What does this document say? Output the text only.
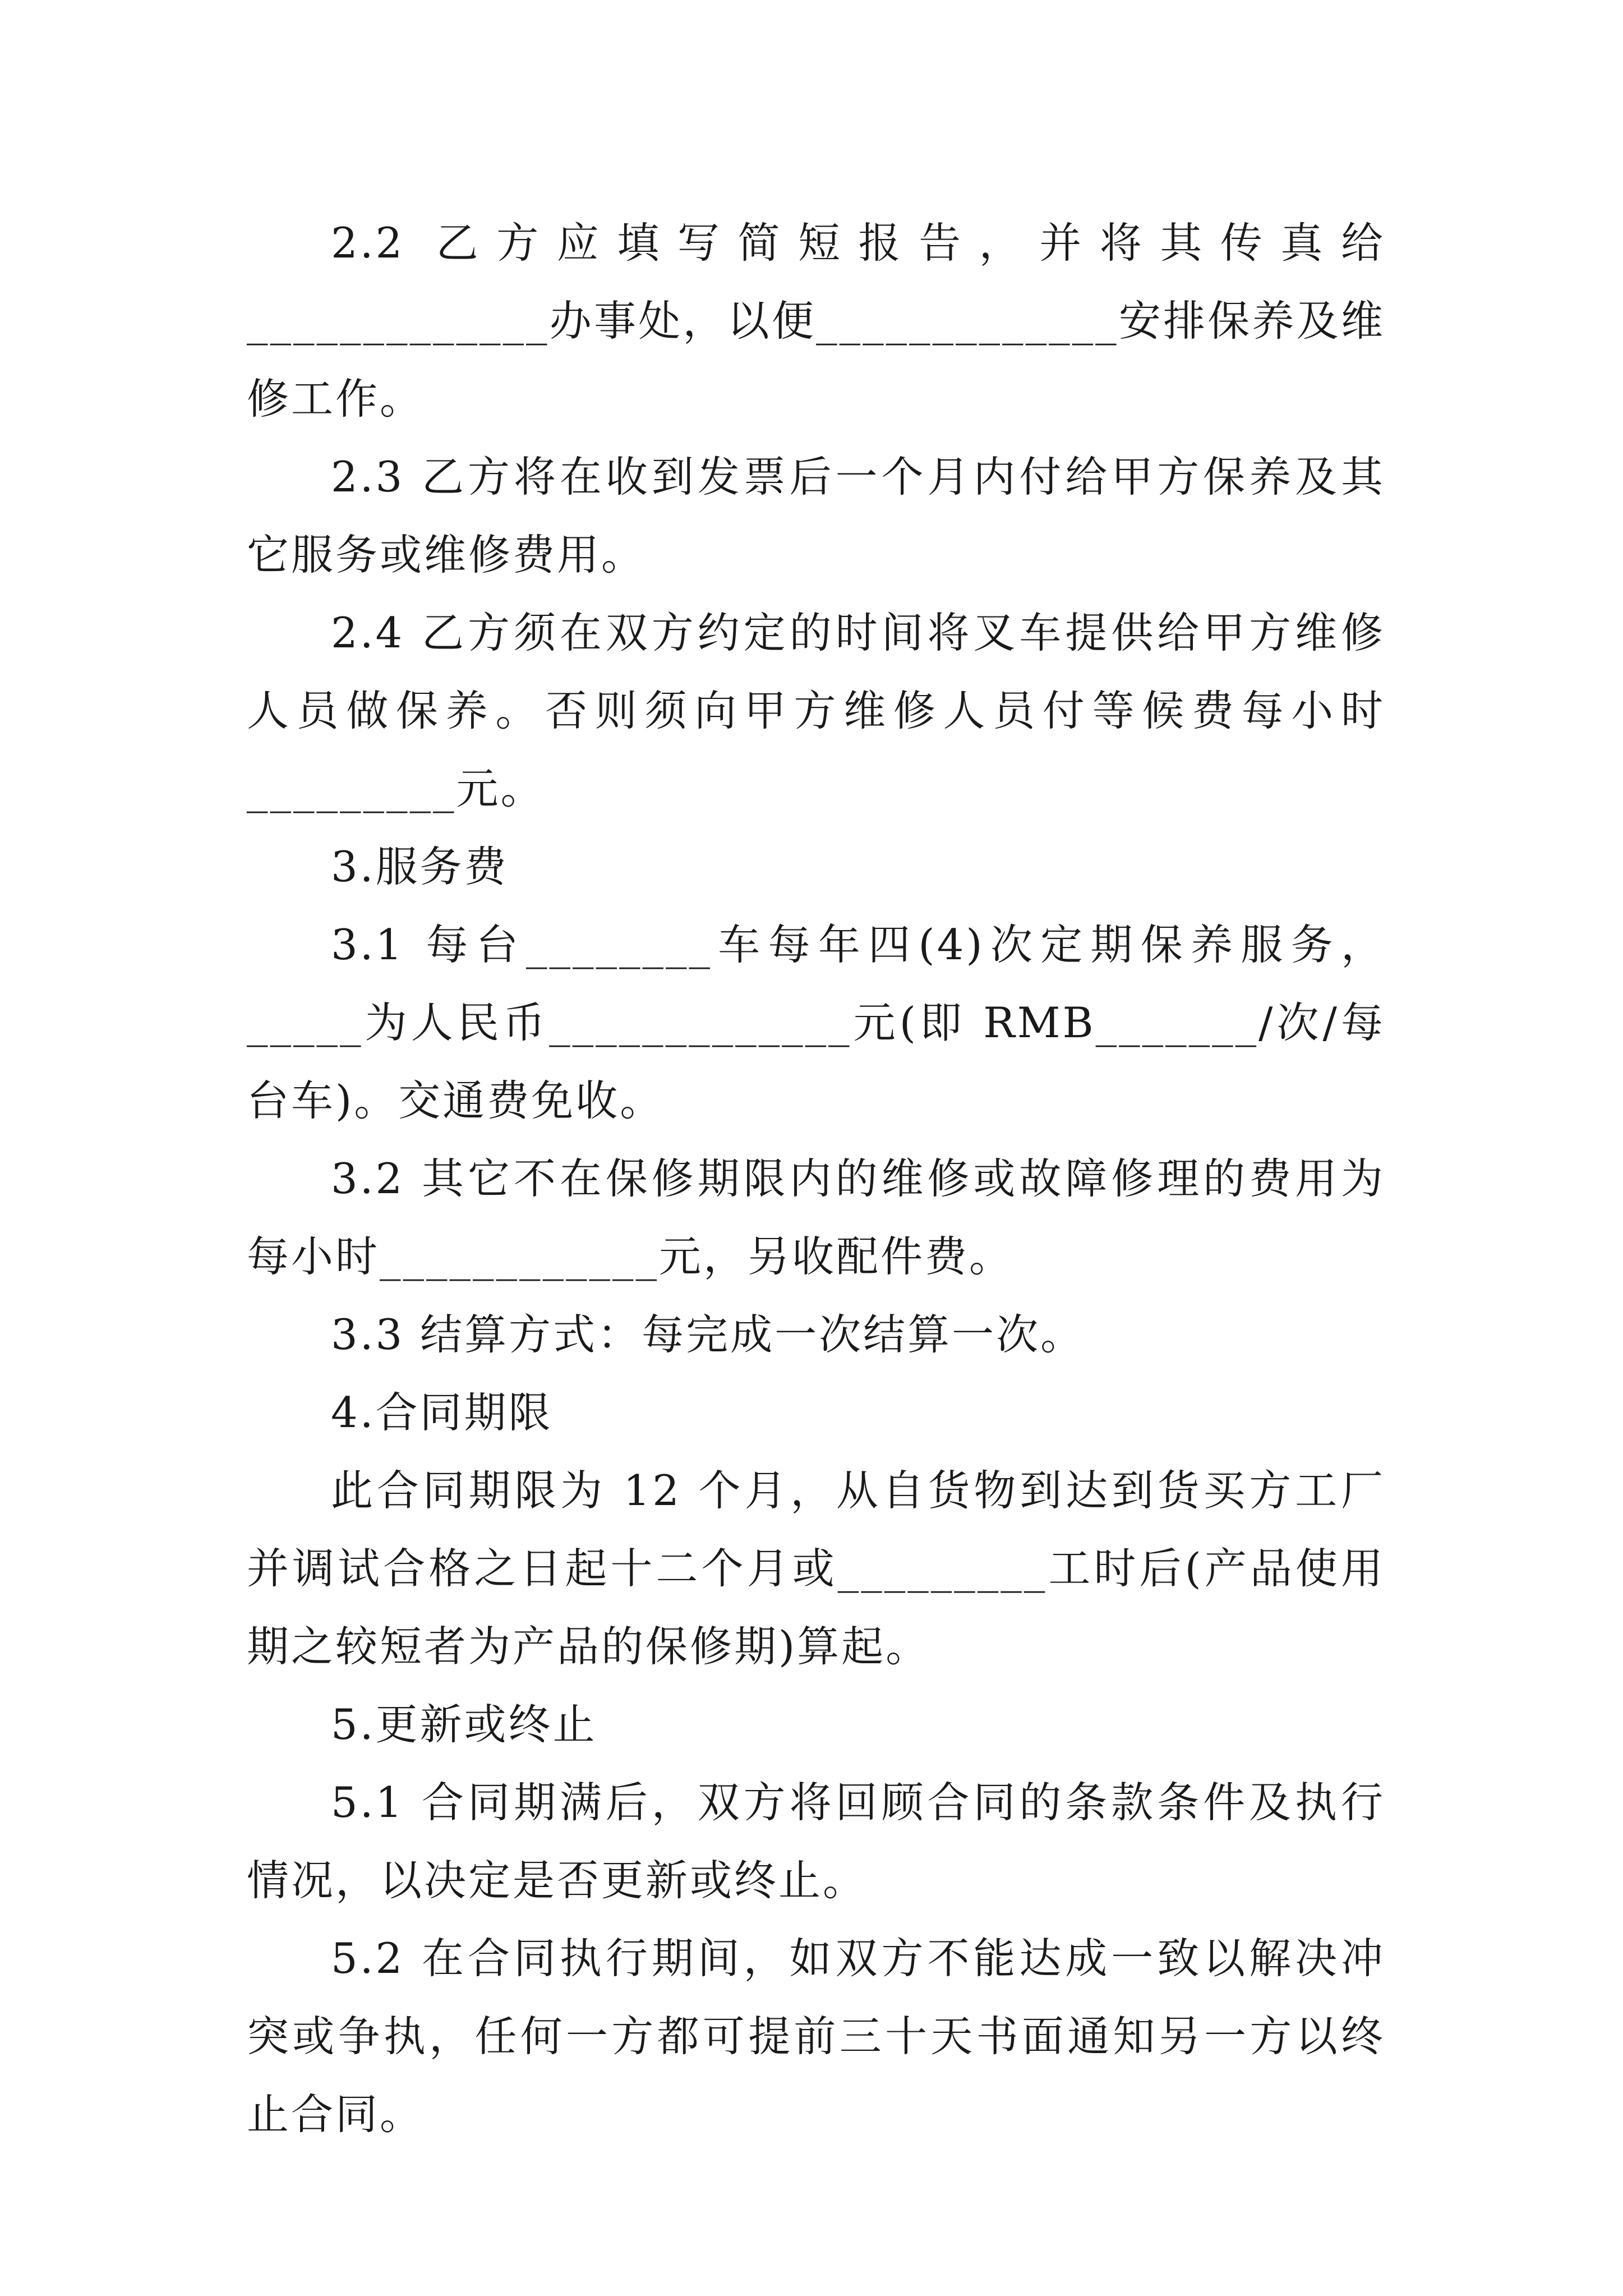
2.2 乙方应填写简短报告，并将其传真给_____________办事处，以便_____________安排保养及维修工作。

2.3 乙方将在收到发票后一个月内付给甲方保养及其它服务或维修费用。

2.4 乙方须在双方约定的时间将叉车提供给甲方维修人员做保养。否则须向甲方维修人员付等候费每小时_________元。

3.服务费

3.1 每台________车每年四(4)次定期保养服务，_____为人民币_____________元(即 RMB_______/次/每台车)。交通费免收。

3.2 其它不在保修期限内的维修或故障修理的费用为每小时____________元，另收配件费。

3.3 结算方式：每完成一次结算一次。

4.合同期限

此合同期限为 12 个月，从自货物到达到货买方工厂并调试合格之日起十二个月或_________工时后(产品使用期之较短者为产品的保修期)算起。

5.更新或终止

5.1 合同期满后，双方将回顾合同的条款条件及执行情况，以决定是否更新或终止。

5.2 在合同执行期间，如双方不能达成一致以解决冲突或争执，任何一方都可提前三十天书面通知另一方以终止合同。
